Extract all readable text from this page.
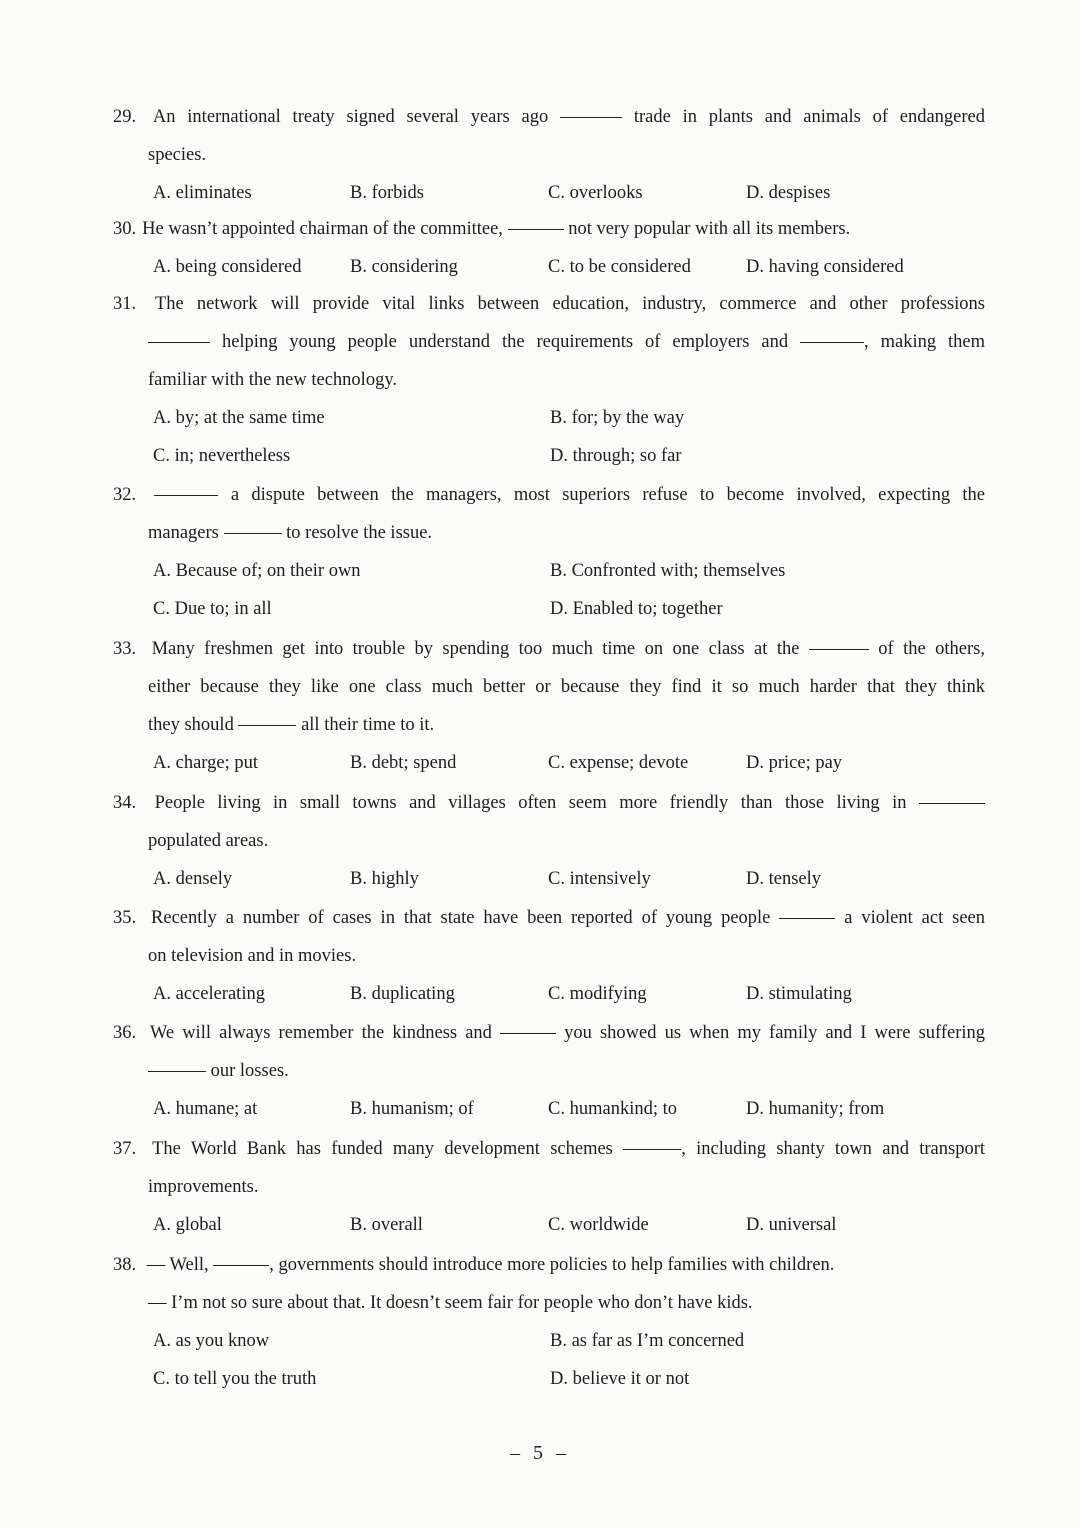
29. An international treaty signed several years ago	trade in plants and animals of endangered
species.
A. eliminates	B. forbids	C. overlooks	D. despises
30. He wasn’t appointed chairman of the committee,	not very popular with all its members.
A. being considered	B. considering	C. to be considered	D. having considered
31. The network will provide vital links between education, industry, commerce and other professions
helping young people understand the requirements of employers and	, making them
familiar with the new technology.
A. by; at the same time	B. for; by the way
C. in; nevertheless	D. through; so far
32.	a dispute between the managers, most superiors refuse to become involved, expecting the
managers	to resolve the issue.
A. Because of; on their own	B. Confronted with; themselves
C. Due to; in all	D. Enabled to; together
33. Many freshmen get into trouble by spending too much time on one class at the	of the others,
either because they like one class much better or because they find it so much harder that they think
they should	all their time to it.
A. charge; put	B. debt; spend	C. expense; devote	D. price; pay
34. People living in small towns and villages often seem more friendly than those living in
populated areas.
A. densely	B. highly	C. intensively	D. tensely
35. Recently a number of cases in that state have been reported of young people	a violent act seen
on television and in movies.
A. accelerating	B. duplicating	C. modifying	D. stimulating
36. We will always remember the kindness and	you showed us when my family and I were suffering
our losses.
A. humane; at	B. humanism; of	C. humankind; to	D. humanity; from
37. The World Bank has funded many development schemes	, including shanty town and transport
improvements.
A. global	B. overall	C. worldwide	D. universal
38. — Well,	, governments should introduce more policies to help families with children.
— I’m not so sure about that. It doesn’t seem fair for people who don’t have kids.
A. as you know	B. as far as I’m concerned
C. to tell you the truth	D. believe it or not
– 5 –
